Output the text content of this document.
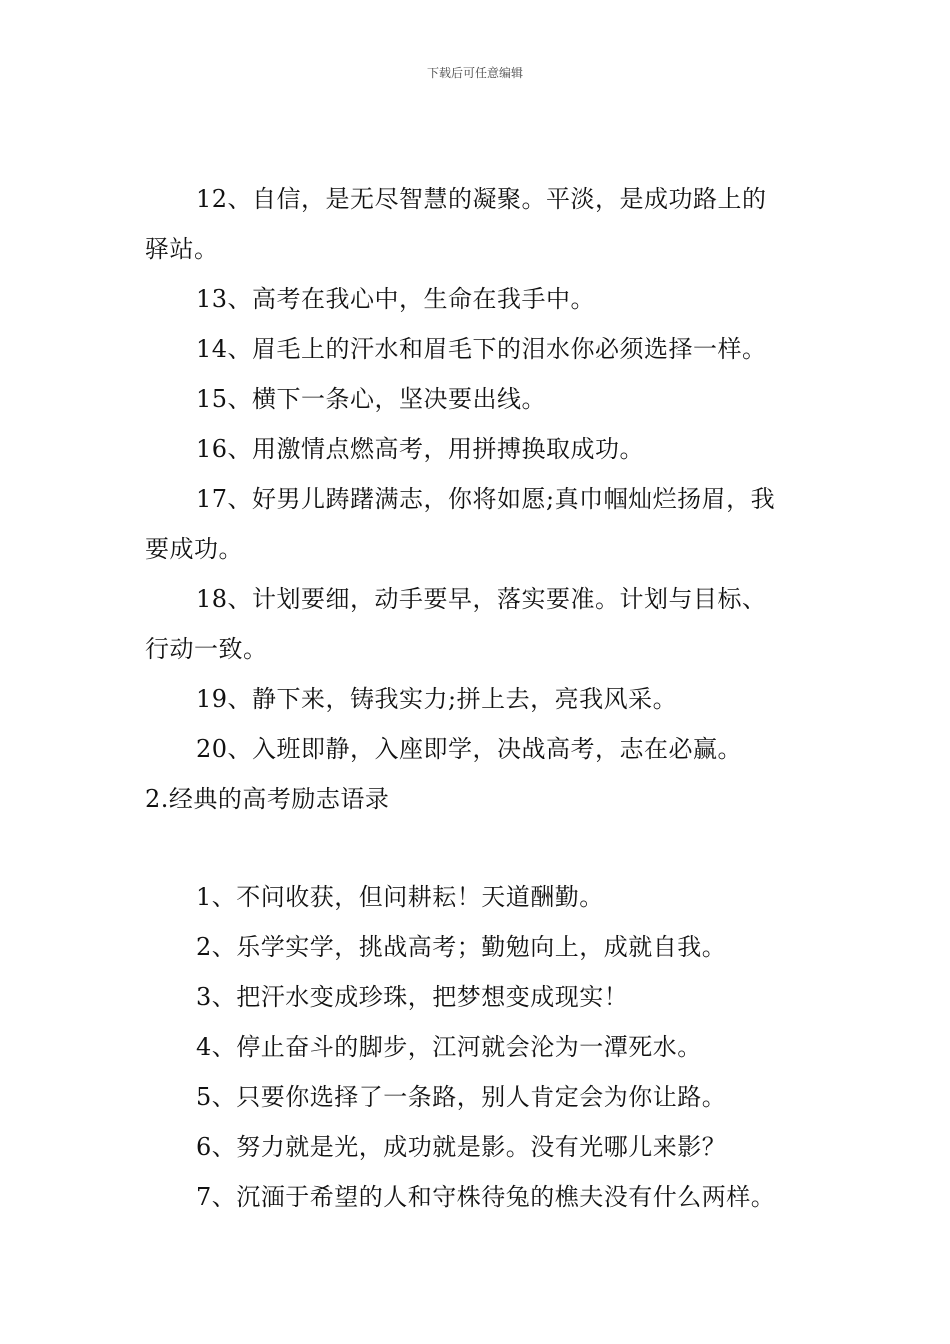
下载后可任意编辑
12、自信，是无尽智慧的凝聚。平淡，是成功路上的
驿站。
13、高考在我心中，生命在我手中。
14、眉毛上的汗水和眉毛下的泪水你必须选择一样。
15、横下一条心，坚决要出线。
16、用激情点燃高考，用拼搏换取成功。
17、好男儿踌躇满志，你将如愿;真巾帼灿烂扬眉，我
要成功。
18、计划要细，动手要早，落实要准。计划与目标、
行动一致。
19、静下来，铸我实力;拼上去，亮我风采。
20、入班即静，入座即学，决战高考，志在必赢。
2.经典的高考励志语录
1、不问收获，但问耕耘！天道酬勤。
2、乐学实学，挑战高考；勤勉向上，成就自我。
3、把汗水变成珍珠，把梦想变成现实！
4、停止奋斗的脚步，江河就会沦为一潭死水。
5、只要你选择了一条路，别人肯定会为你让路。
6、努力就是光，成功就是影。没有光哪儿来影？
7、沉湎于希望的人和守株待兔的樵夫没有什么两样。
